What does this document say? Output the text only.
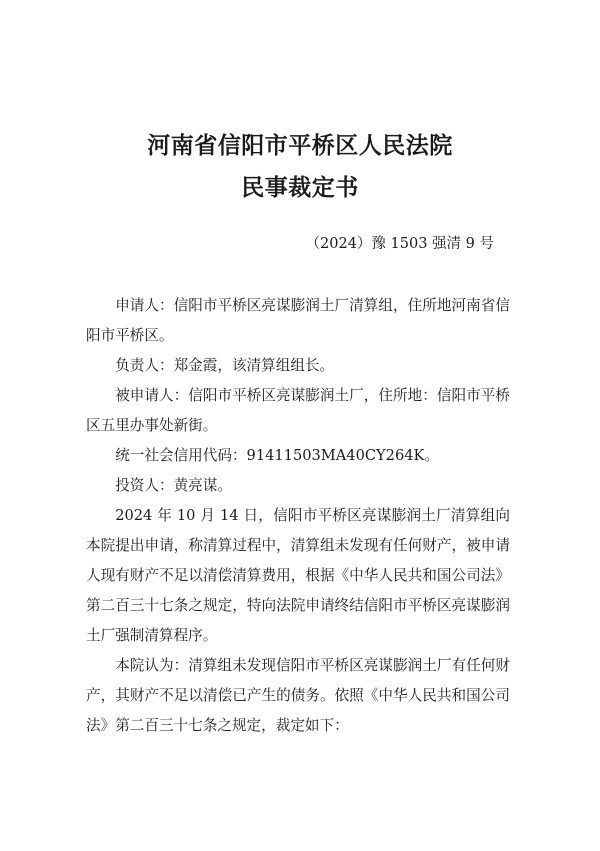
河南省信阳市平桥区人民法院
民事裁定书

（2024）豫 1503 强清 9 号

申请人：信阳市平桥区亮谋膨润土厂清算组，住所地河南省信阳市平桥区。

负责人：郑金霞，该清算组组长。

被申请人：信阳市平桥区亮谋膨润土厂，住所地：信阳市平桥区五里办事处新街。

统一社会信用代码：91411503MA40CY264K。

投资人：黄亮谋。

2024 年 10 月 14 日，信阳市平桥区亮谋膨润土厂清算组向本院提出申请，称清算过程中，清算组未发现有任何财产，被申请人现有财产不足以清偿清算费用，根据《中华人民共和国公司法》第二百三十七条之规定，特向法院申请终结信阳市平桥区亮谋膨润土厂强制清算程序。

本院认为：清算组未发现信阳市平桥区亮谋膨润土厂有任何财产，其财产不足以清偿已产生的债务。依照《中华人民共和国公司法》第二百三十七条之规定，裁定如下：
